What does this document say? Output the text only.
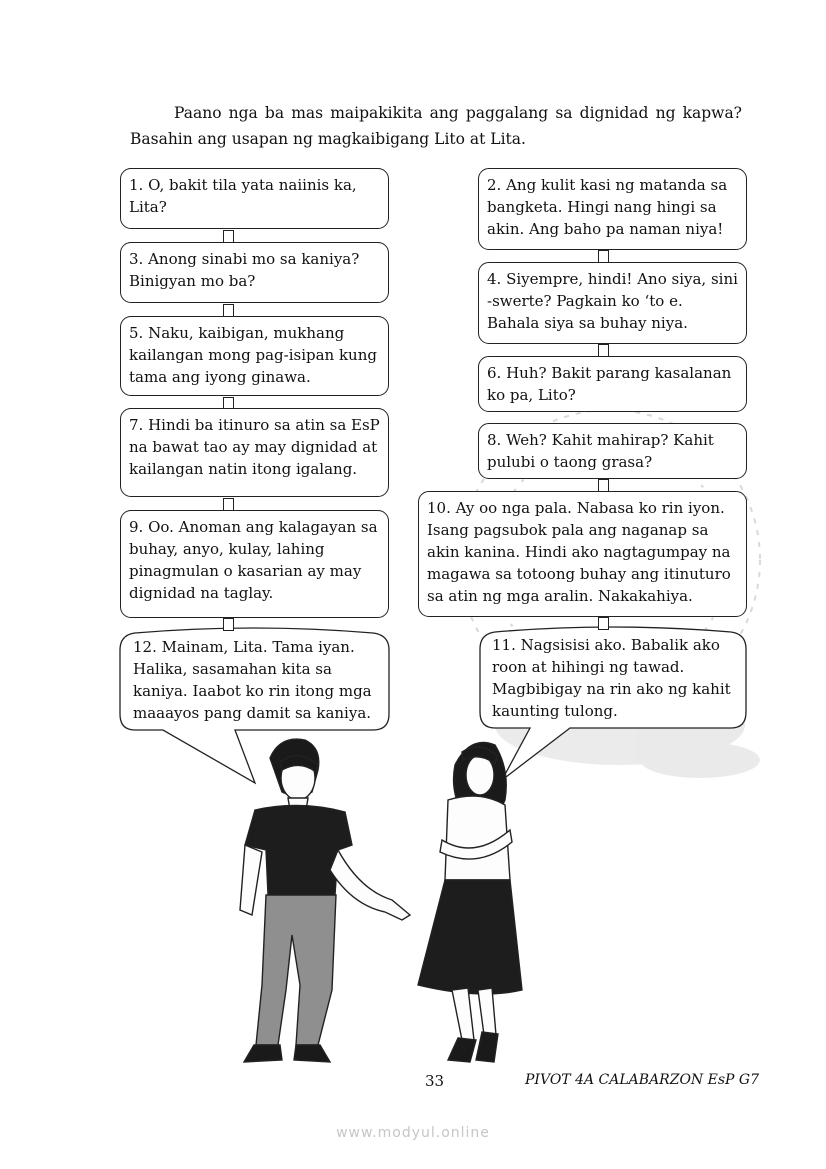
Paano nga ba mas maipakikita ang paggalang sa dignidad ng kapwa?

Basahin ang usapan ng magkaibigang Lito at Lita.

1. O, bakit tila yata naiinis ka, Lita?
3. Anong sinabi mo sa kaniya? Binigyan mo ba?
5. Naku, kaibigan, mukhang kailangan mong pag-isipan kung tama ang iyong ginawa.
7. Hindi ba itinuro sa atin sa EsP na bawat tao ay may dignidad at kailangan natin itong igalang.
9. Oo. Anoman ang kalagayan sa buhay, anyo, kulay, lahing pinagmulan o kasarian ay may dignidad na taglay.
2. Ang kulit kasi ng matanda sa bangketa. Hingi nang hingi sa akin. Ang baho pa naman niya!
4. Siyempre, hindi! Ano siya, sini -swerte? Pagkain ko ‘to e. Bahala siya sa buhay niya.
6. Huh? Bakit parang kasalanan ko pa, Lito?
8. Weh? Kahit mahirap? Kahit pulubi o taong grasa?
10. Ay oo nga pala. Nabasa ko rin iyon. Isang pagsubok pala ang naganap sa akin kanina. Hindi ako nagtagumpay na magawa sa totoong buhay ang itinuturo sa atin ng mga aralin. Nakakahiya.
12. Mainam, Lita. Tama iyan. Halika, sasamahan kita sa kaniya. Iaabot ko rin itong mga maaayos pang damit sa kaniya.
11. Nagsisisi ako. Babalik ako roon at hihingi ng tawad. Magbibigay na rin ako ng kahit kaunting tulong.
33	PIVOT 4A CALABARZON EsP G7
www.modyul.online
